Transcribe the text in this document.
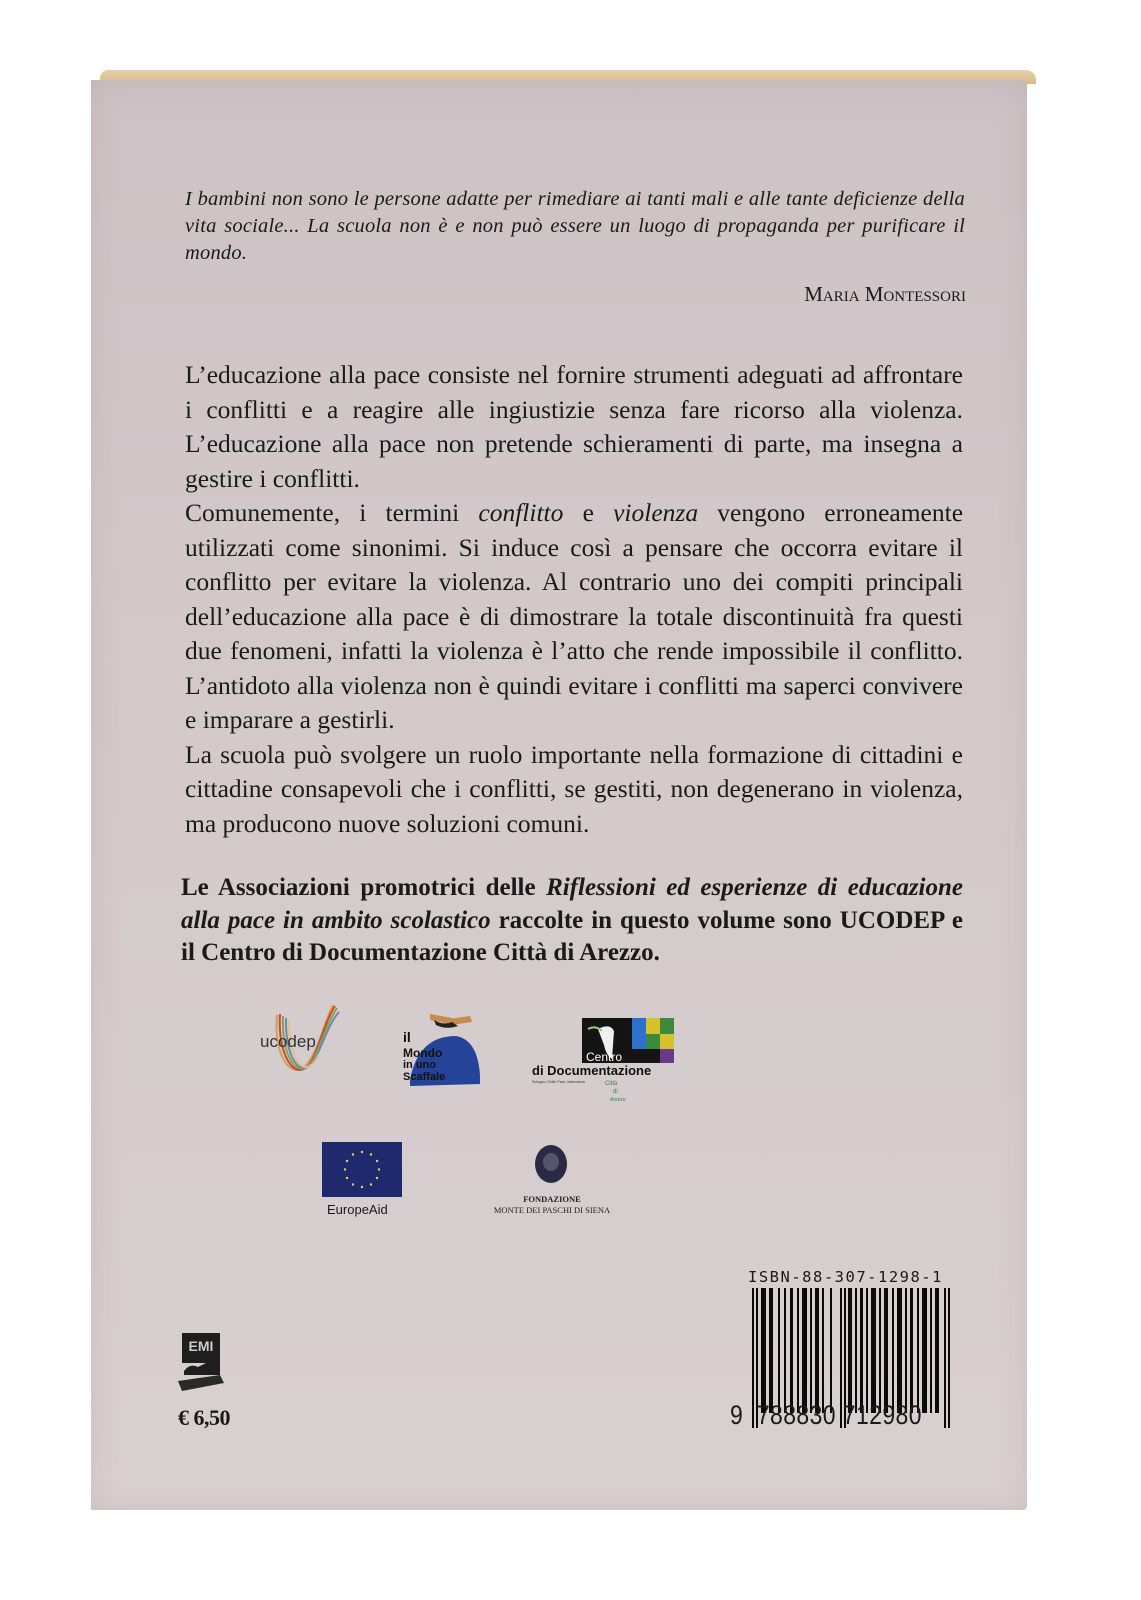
I bambini non sono le persone adatte per rimediare ai tanti mali e alle tante deficienze della vita sociale... La scuola non è e non può essere un luogo di propaganda per purificare il mondo.
Maria Montessori

L’educazione alla pace consiste nel fornire strumenti adeguati ad affrontare i conflitti e a reagire alle ingiustizie senza fare ricorso alla violenza. L’educazione alla pace non pretende schieramenti di parte, ma insegna a gestire i conflitti.

Comunemente, i termini conflitto e violenza vengono erroneamente utilizzati come sinonimi. Si induce così a pensare che occorra evitare il conflitto per evitare la violenza. Al contrario uno dei compiti principali dell’educazione alla pace è di dimostrare la totale discontinuità fra questi due fenomeni, infatti la violenza è l’atto che rende impossibile il conflitto. L’antidoto alla violenza non è quindi evitare i conflitti ma saperci convivere e imparare a gestirli.

La scuola può svolgere un ruolo importante nella formazione di cittadini e cittadine consapevoli che i conflitti, se gestiti, non degenerano in violenza, ma producono nuove soluzioni comuni.

Le Associazioni promotrici delle Riflessioni ed esperienze di educazione alla pace in ambito scolastico raccolte in questo volume sono UCODEP e il Centro di Documentazione Città di Arezzo.
ucodep	il
Mondo
in uno
Scaffale
Centro
di Documentazione
Sviluppo, Diritti, Pace, Intercultura	Città
di
Arezzo
EuropeAid
FONDAZIONE
MONTE DEI PASCHI DI SIENA
ISBN-88-307-1298-1
9 788830 712980
EMI
€ 6,50
